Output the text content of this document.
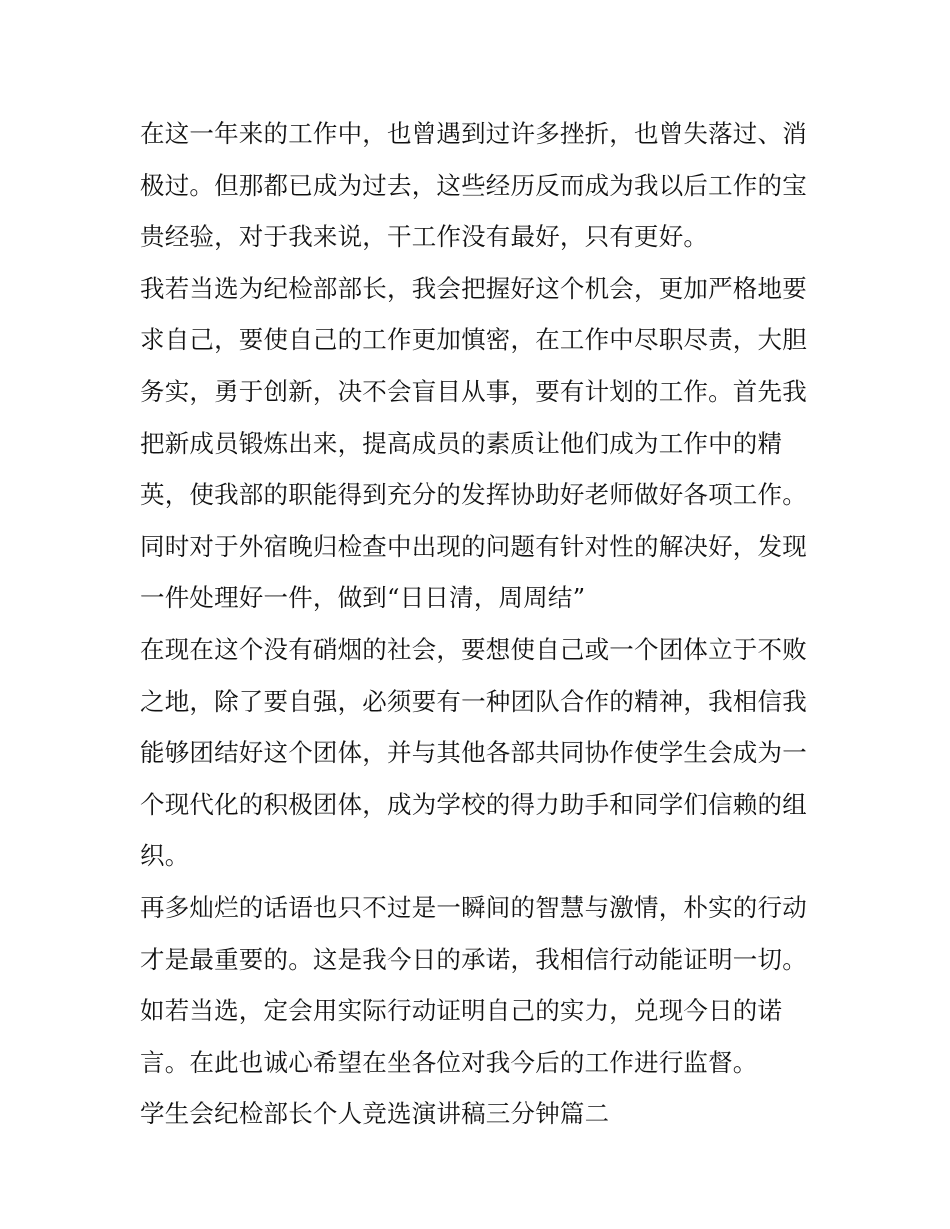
在这一年来的工作中，也曾遇到过许多挫折，也曾失落过、消
极过。但那都已成为过去，这些经历反而成为我以后工作的宝
贵经验，对于我来说，干工作没有最好，只有更好。

我若当选为纪检部部长，我会把握好这个机会，更加严格地要
求自己，要使自己的工作更加慎密，在工作中尽职尽责，大胆
务实，勇于创新，决不会盲目从事，要有计划的工作。首先我
把新成员锻炼出来，提高成员的素质让他们成为工作中的精
英，使我部的职能得到充分的发挥协助好老师做好各项工作。
同时对于外宿晚归检查中出现的问题有针对性的解决好，发现
一件处理好一件，做到“日日清，周周结”

在现在这个没有硝烟的社会，要想使自己或一个团体立于不败
之地，除了要自强，必须要有一种团队合作的精神，我相信我
能够团结好这个团体，并与其他各部共同协作使学生会成为一
个现代化的积极团体，成为学校的得力助手和同学们信赖的组
织。

再多灿烂的话语也只不过是一瞬间的智慧与激情，朴实的行动
才是最重要的。这是我今日的承诺，我相信行动能证明一切。
如若当选，定会用实际行动证明自己的实力，兑现今日的诺
言。在此也诚心希望在坐各位对我今后的工作进行监督。

学生会纪检部长个人竞选演讲稿三分钟篇二
